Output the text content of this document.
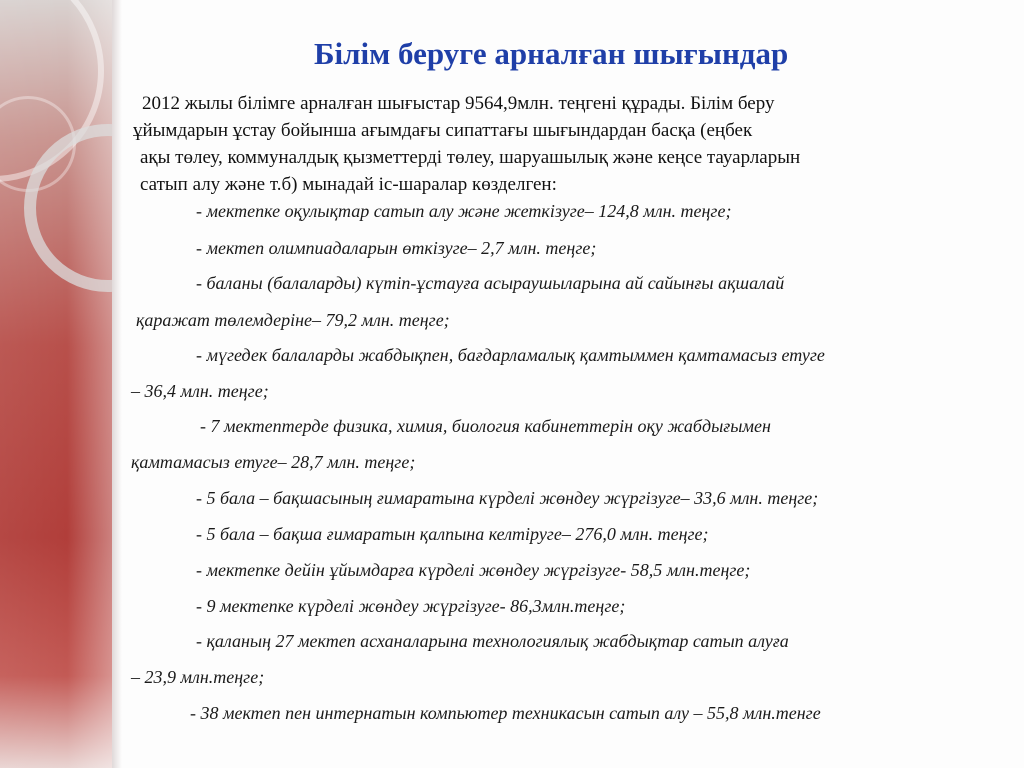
Білім беруге арналған шығындар
2012 жылы білімге арналған шығыстар 9564,9млн. теңгені құрады. Білім беру
ұйымдарын ұстау бойынша ағымдағы сипаттағы шығындардан басқа (еңбек
ақы төлеу, коммуналдық қызметтерді төлеу, шаруашылық және кеңсе тауарларын
сатып алу және т.б) мынадай іс-шаралар көзделген:
- мектепке оқулықтар сатып алу және жеткізуге– 124,8 млн. теңге;
- мектеп олимпиадаларын өткізуге– 2,7 млн. теңге;
- баланы (балаларды) күтіп-ұстауға асыраушыларына ай сайынғы ақшалай
қаражат төлемдеріне– 79,2 млн. теңге;
- мүгедек балаларды жабдықпен, бағдарламалық қамтыммен қамтамасыз етуге
– 36,4 млн. теңге;
- 7 мектептерде физика, химия, биология кабинеттерін оқу жабдығымен
қамтамасыз етуге– 28,7 млн. теңге;
- 5 бала – бақшасының ғимаратына күрделі жөндеу жүргізуге– 33,6 млн. теңге;
- 5 бала – бақша ғимаратын қалпына келтіруге– 276,0 млн. теңге;
- мектепке дейін ұйымдарға күрделі жөндеу жүргізуге- 58,5 млн.теңге;
- 9 мектепке күрделі жөндеу жүргізуге- 86,3млн.теңге;
- қаланың 27 мектеп асханаларына технологиялық жабдықтар сатып алуға
– 23,9 млн.теңге;
- 38 мектеп пен интернатын компьютер техникасын сатып алу – 55,8 млн.тенге
